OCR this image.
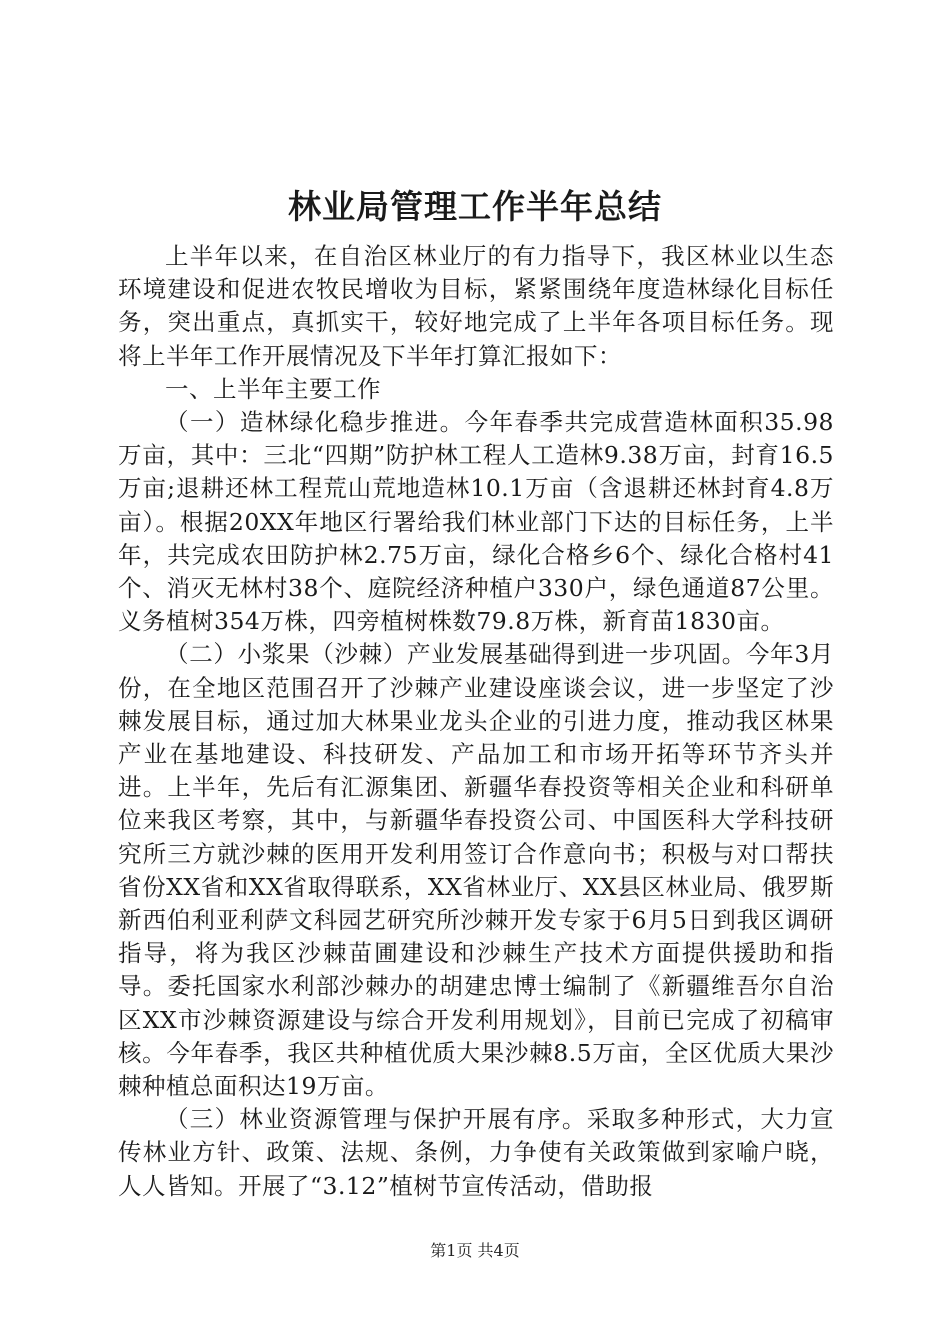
林业局管理工作半年总结

上半年以来，在自治区林业厅的有力指导下，我区林业以生态环境建设和促进农牧民增收为目标，紧紧围绕年度造林绿化目标任务，突出重点，真抓实干，较好地完成了上半年各项目标任务。现将上半年工作开展情况及下半年打算汇报如下：

一、上半年主要工作

（一）造林绿化稳步推进。今年春季共完成营造林面积35.98万亩，其中：三北“四期”防护林工程人工造林9.38万亩，封育16.5万亩;退耕还林工程荒山荒地造林10.1万亩（含退耕还林封育4.8万亩）。根据20XX年地区行署给我们林业部门下达的目标任务，上半年，共完成农田防护林2.75万亩，绿化合格乡6个、绿化合格村41个、消灭无林村38个、庭院经济种植户330户，绿色通道87公里。义务植树354万株，四旁植树株数79.8万株，新育苗1830亩。

（二）小浆果（沙棘）产业发展基础得到进一步巩固。今年3月份，在全地区范围召开了沙棘产业建设座谈会议，进一步坚定了沙棘发展目标，通过加大林果业龙头企业的引进力度，推动我区林果产业在基地建设、科技研发、产品加工和市场开拓等环节齐头并进。上半年，先后有汇源集团、新疆华春投资等相关企业和科研单位来我区考察，其中，与新疆华春投资公司、中国医科大学科技研究所三方就沙棘的医用开发利用签订合作意向书；积极与对口帮扶省份XX省和XX省取得联系，XX省林业厅、XX县区林业局、俄罗斯新西伯利亚利萨文科园艺研究所沙棘开发专家于6月5日到我区调研指导，将为我区沙棘苗圃建设和沙棘生产技术方面提供援助和指导。委托国家水利部沙棘办的胡建忠博士编制了《新疆维吾尔自治区XX市沙棘资源建设与综合开发利用规划》，目前已完成了初稿审核。今年春季，我区共种植优质大果沙棘8.5万亩，全区优质大果沙棘种植总面积达19万亩。

（三）林业资源管理与保护开展有序。采取多种形式，大力宣传林业方针、政策、法规、条例，力争使有关政策做到家喻户晓，人人皆知。开展了“3.12”植树节宣传活动，借助报

第1页 共4页
